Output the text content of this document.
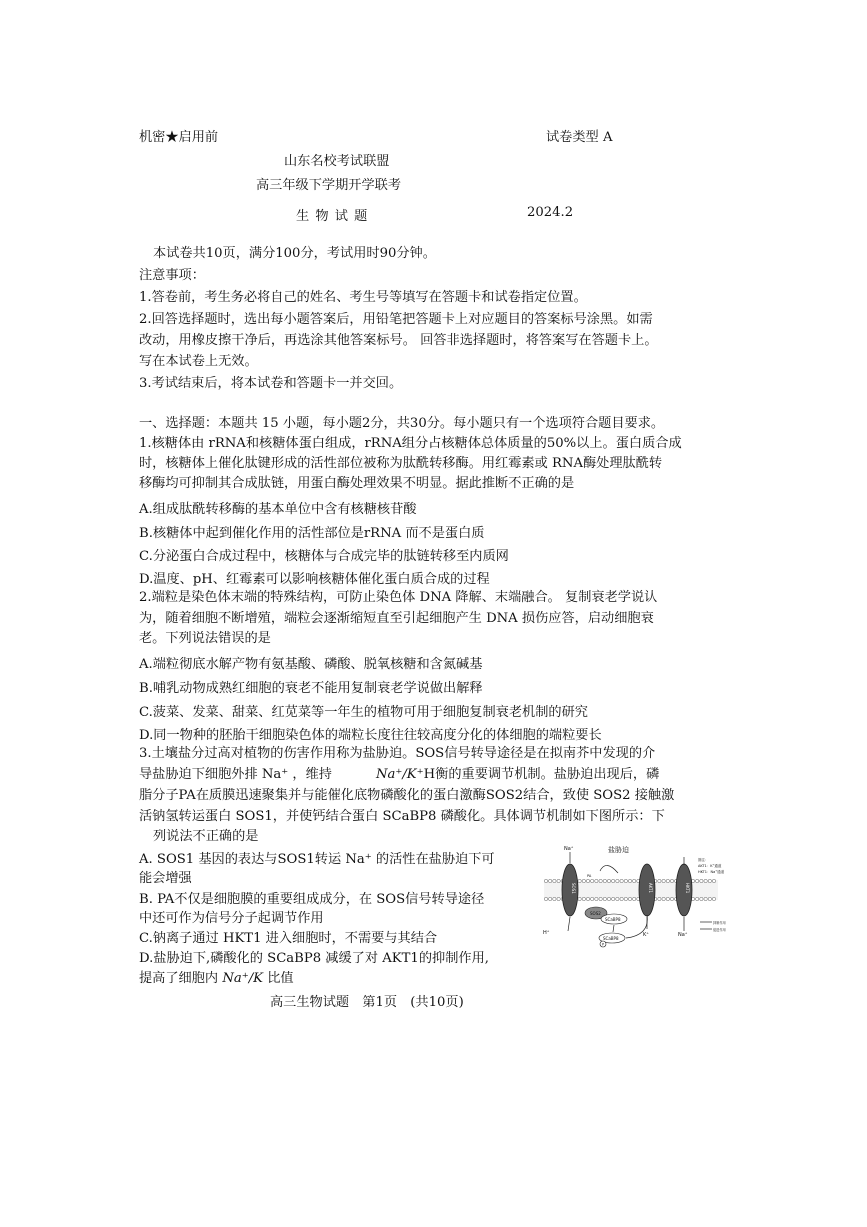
机密★启用前	试卷类型 A
山东名校考试联盟
高三年级下学期开学联考
生 物 试 题	2024.2
本试卷共10页，满分100分，考试用时90分钟。
注意事项：
1.答卷前，考生务必将自己的姓名、考生号等填写在答题卡和试卷指定位置。
2.回答选择题时，选出每小题答案后，用铅笔把答题卡上对应题目的答案标号涂黑。如需
改动，用橡皮擦干净后，再选涂其他答案标号。 回答非选择题时，将答案写在答题卡上。
写在本试卷上无效。
3.考试结束后，将本试卷和答题卡一并交回。
一、选择题：本题共 15 小题，每小题2分，共30分。每小题只有一个选项符合题目要求。
1.核糖体由 rRNA和核糖体蛋白组成，rRNA组分占核糖体总体质量的50%以上。蛋白质合成
时，核糖体上催化肽键形成的活性部位被称为肽酰转移酶。用红霉素或 RNA酶处理肽酰转
移酶均可抑制其合成肽链，用蛋白酶处理效果不明显。据此推断不正确的是
A.组成肽酰转移酶的基本单位中含有核糖核苷酸
B.核糖体中起到催化作用的活性部位是rRNA 而不是蛋白质
C.分泌蛋白合成过程中，核糖体与合成完毕的肽链转移至内质网
D.温度、pH、红霉素可以影响核糖体催化蛋白质合成的过程
2.端粒是染色体末端的特殊结构，可防止染色体 DNA 降解、末端融合。 复制衰老学说认
为，随着细胞不断增殖，端粒会逐渐缩短直至引起细胞产生 DNA 损伤应答，启动细胞衰
老。下列说法错误的是
A.端粒彻底水解产物有氨基酸、磷酸、脱氧核糖和含氮碱基
B.哺乳动物成熟红细胞的衰老不能用复制衰老学说做出解释
C.菠菜、发菜、甜菜、红苋菜等一年生的植物可用于细胞复制衰老机制的研究
D.同一物种的胚胎干细胞染色体的端粒长度往往较高度分化的体细胞的端粒要长
3.土壤盐分过高对植物的伤害作用称为盐胁迫。SOS信号转导途径是在拟南芥中发现的介
导盐胁迫下细胞外排 Na⁺ ，维持	Na⁺/K⁺H衡的重要调节机制。盐胁迫出现后，磷
脂分子PA在质膜迅速聚集并与能催化底物磷酸化的蛋白激酶SOS2结合，致使 SOS2 接触激
活钠氢转运蛋白 SOS1，并使钙结合蛋白 SCaBP8 磷酸化。具体调节机制如下图所示：下
列说法不正确的是
A. SOS1 基因的表达与SOS1转运 Na⁺ 的活性在盐胁迫下可
能会增强
B. PA不仅是细胞膜的重要组成成分，在 SOS信号转导途径
中还可作为信号分子起调节作用
C.钠离子通过 HKT1 进入细胞时，不需要与其结合
D.盐胁迫下,磷酸化的 SCaBP8 减缓了对 AKT1的抑制作用,
提高了细胞内 Na⁺/K 比值
盐胁迫
Na⁺
图注：
AKT1：K⁺通道
HKT1：Na⁺通道
抑制作用
促进作用
SOS1	AKT1	HKT1
SOS2
PA
SCaBP8
SCaBP8
P
H⁺	K⁺	Na⁺
高三生物试题　第1页　(共10页)
